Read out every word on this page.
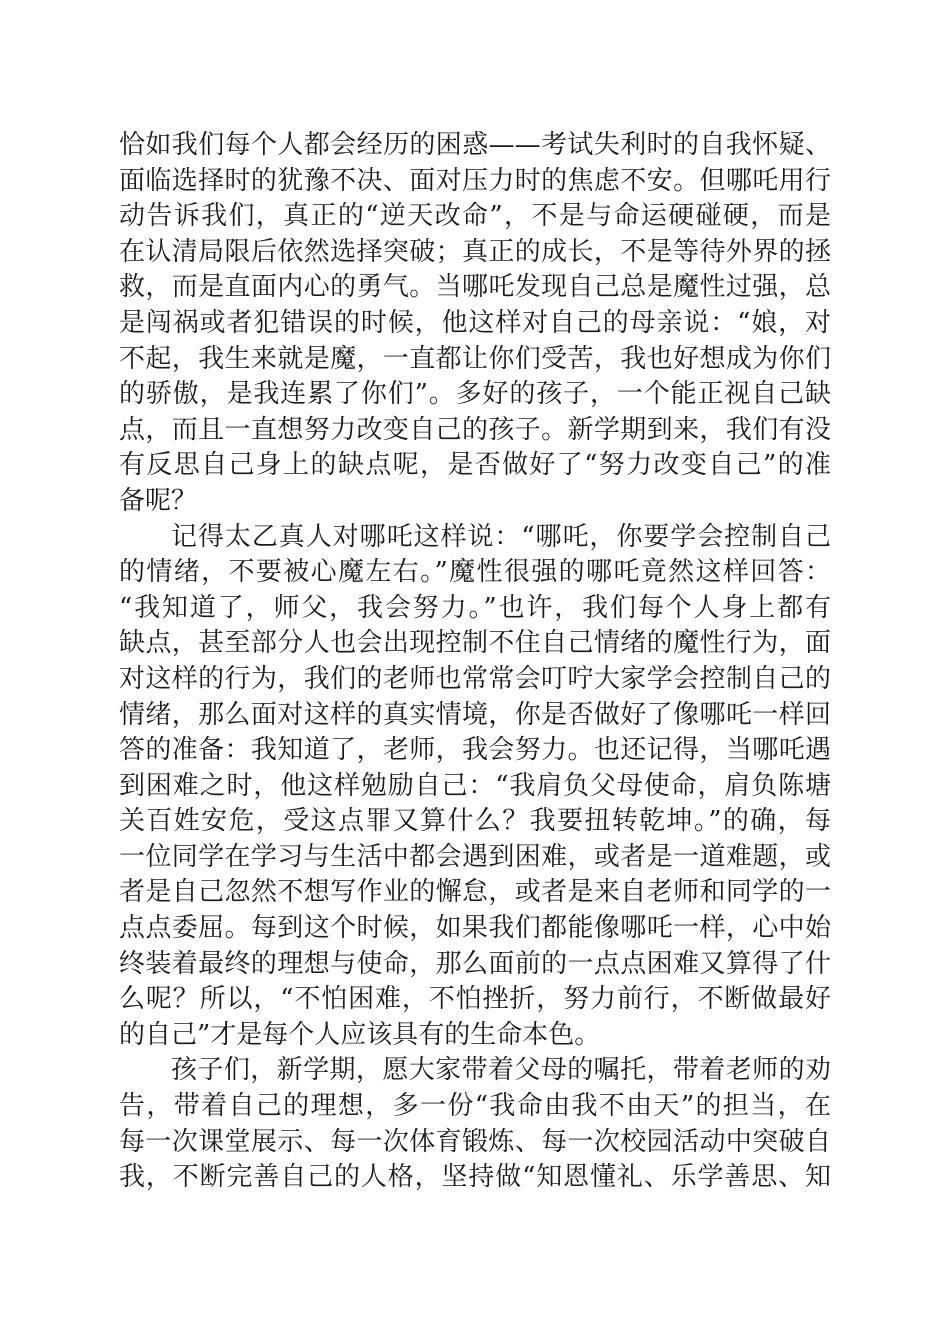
恰如我们每个人都会经历的困惑——考试失利时的自我怀疑、
面临选择时的犹豫不决、面对压力时的焦虑不安。但哪吒用行
动告诉我们，真正的“逆天改命”，不是与命运硬碰硬，而是
在认清局限后依然选择突破；真正的成长，不是等待外界的拯
救，而是直面内心的勇气。当哪吒发现自己总是魔性过强，总
是闯祸或者犯错误的时候，他这样对自己的母亲说：“娘，对
不起，我生来就是魔，一直都让你们受苦，我也好想成为你们
的骄傲，是我连累了你们”。多好的孩子，一个能正视自己缺
点，而且一直想努力改变自己的孩子。新学期到来，我们有没
有反思自己身上的缺点呢，是否做好了“努力改变自己”的准
备呢？
记得太乙真人对哪吒这样说：“哪吒，你要学会控制自己
的情绪，不要被心魔左右。”魔性很强的哪吒竟然这样回答：
“我知道了，师父，我会努力。”也许，我们每个人身上都有
缺点，甚至部分人也会出现控制不住自己情绪的魔性行为，面
对这样的行为，我们的老师也常常会叮咛大家学会控制自己的
情绪，那么面对这样的真实情境，你是否做好了像哪吒一样回
答的准备：我知道了，老师，我会努力。也还记得，当哪吒遇
到困难之时，他这样勉励自己：“我肩负父母使命，肩负陈塘
关百姓安危，受这点罪又算什么？我要扭转乾坤。”的确，每
一位同学在学习与生活中都会遇到困难，或者是一道难题，或
者是自己忽然不想写作业的懈怠，或者是来自老师和同学的一
点点委屈。每到这个时候，如果我们都能像哪吒一样，心中始
终装着最终的理想与使命，那么面前的一点点困难又算得了什
么呢？所以，“不怕困难，不怕挫折，努力前行，不断做最好
的自己”才是每个人应该具有的生命本色。
孩子们，新学期，愿大家带着父母的嘱托，带着老师的劝
告，带着自己的理想，多一份“我命由我不由天”的担当，在
每一次课堂展示、每一次体育锻炼、每一次校园活动中突破自
我，不断完善自己的人格，坚持做“知恩懂礼、乐学善思、知
